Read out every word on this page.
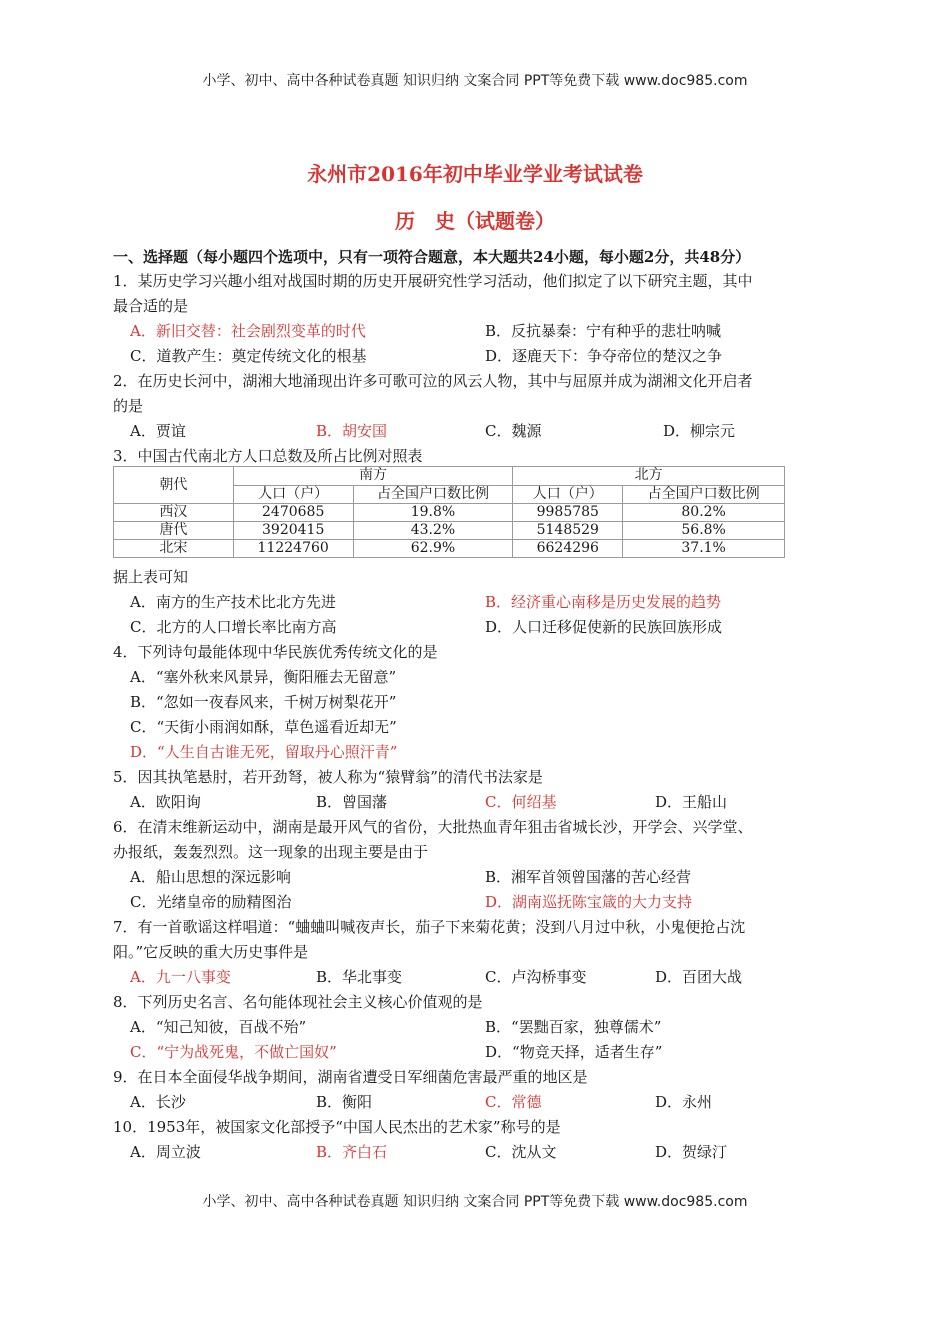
小学、初中、高中各种试卷真题 知识归纳 文案合同 PPT等免费下载 www.doc985.com
永州市2016年初中毕业学业考试试卷
历　史（试题卷）
一、选择题（每小题四个选项中，只有一项符合题意，本大题共24小题，每小题2分，共48分）
1．某历史学习兴趣小组对战国时期的历史开展研究性学习活动，他们拟定了以下研究主题，其中
最合适的是
A．新旧交替：社会剧烈变革的时代	B．反抗暴秦：宁有种乎的悲壮呐喊
C．道教产生：奠定传统文化的根基	D．逐鹿天下：争夺帝位的楚汉之争
2．在历史长河中，湖湘大地涌现出许多可歌可泣的风云人物，其中与屈原并成为湖湘文化开启者
的是
A．贾谊	B．胡安国	C．魏源	D．柳宗元
3．中国古代南北方人口总数及所占比例对照表
朝代	南方		北方	
	人口（户）	占全国户口数比例	人口（户）	占全国户口数比例
西汉	2470685	19.8%	9985785	80.2%
唐代	3920415	43.2%	5148529	56.8%
北宋	11224760	62.9%	6624296	37.1%
据上表可知
A．南方的生产技术比北方先进	B．经济重心南移是历史发展的趋势
C．北方的人口增长率比南方高	D．人口迁移促使新的民族回族形成
4．下列诗句最能体现中华民族优秀传统文化的是
A．“塞外秋来风景异，衡阳雁去无留意”
B．“忽如一夜春风来，千树万树梨花开”
C．“天街小雨润如酥，草色遥看近却无”
D．“人生自古谁无死，留取丹心照汗青”
5．因其执笔悬肘，若开劲弩，被人称为“猿臂翁”的清代书法家是
A．欧阳询	B．曾国藩	C．何绍基	D．王船山
6．在清末维新运动中，湖南是最开风气的省份，大批热血青年狙击省城长沙，开学会、兴学堂、
办报纸，轰轰烈烈。这一现象的出现主要是由于
A．船山思想的深远影响	B．湘军首领曾国藩的苦心经营
C．光绪皇帝的励精图治	D．湖南巡抚陈宝箴的大力支持
7．有一首歌谣这样唱道：“蛐蛐叫喊夜声长，茄子下来菊花黄；没到八月过中秋，小鬼便抢占沈
阳。”它反映的重大历史事件是
A．九一八事变	B．华北事变	C．卢沟桥事变	D．百团大战
8．下列历史名言、名句能体现社会主义核心价值观的是
A．“知己知彼，百战不殆”	B．“罢黜百家，独尊儒术”
C．“宁为战死鬼，不做亡国奴”	D．“物竞天择，适者生存”
9．在日本全面侵华战争期间，湖南省遭受日军细菌危害最严重的地区是
A．长沙	B．衡阳	C．常德	D．永州
10．1953年，被国家文化部授予“中国人民杰出的艺术家”称号的是
A．周立波	B．齐白石	C．沈从文	D．贺绿汀
小学、初中、高中各种试卷真题 知识归纳 文案合同 PPT等免费下载 www.doc985.com
